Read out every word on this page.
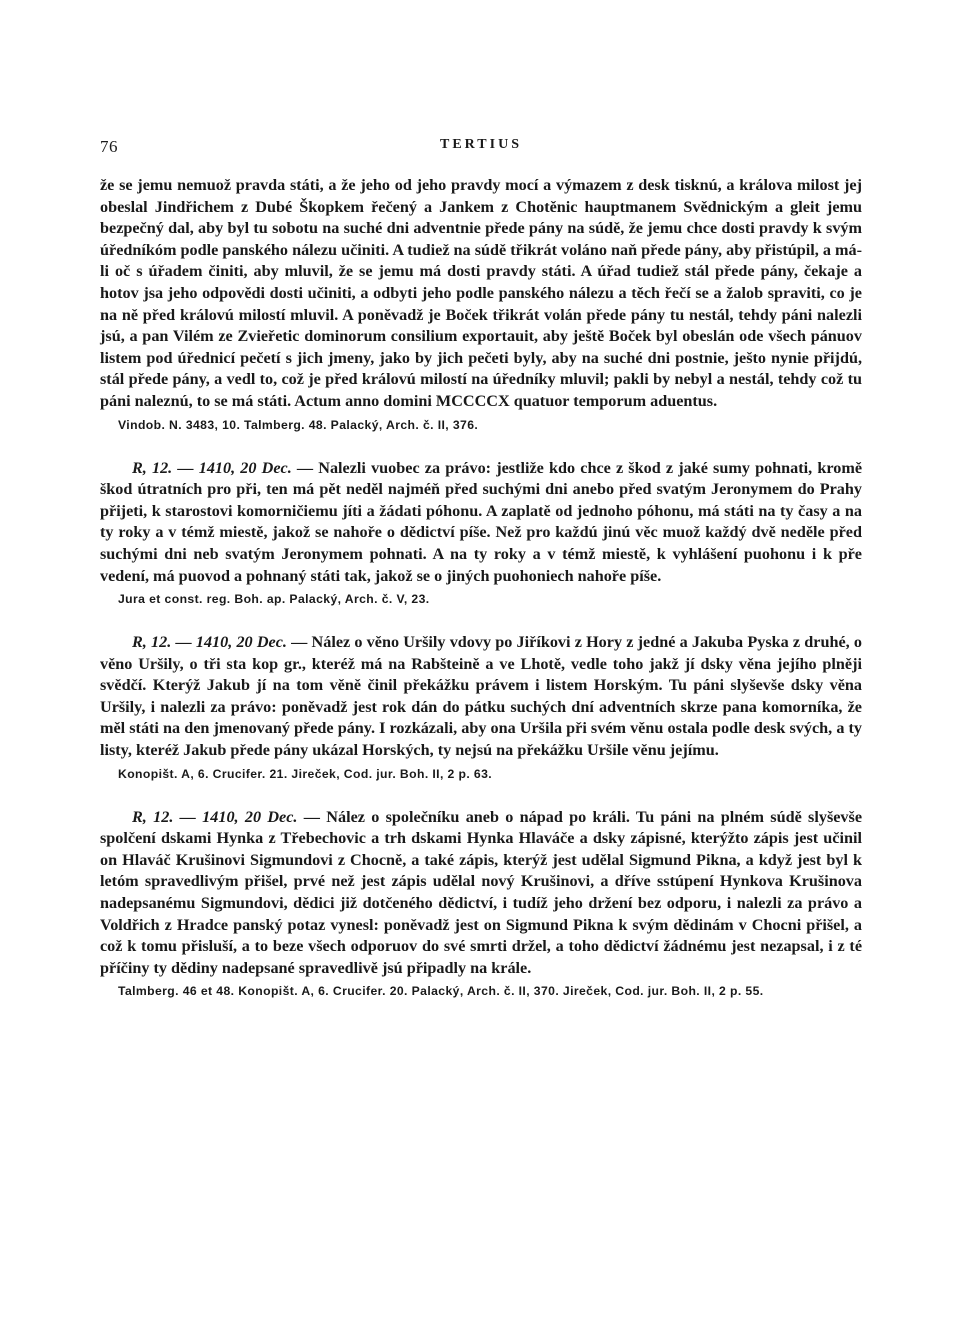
76	TERTIUS

že se jemu nemuož pravda státi, a že jeho od jeho pravdy mocí a výmazem z desk tisknú, a králova milost jej obeslal Jindřichem z Dubé Škopkem řečený a Jankem z Chotěnic hauptmanem Svědnickým a gleit jemu bezpečný dal, aby byl tu sobotu na suché dni adventnie přede pány na súdě, že jemu chce dosti pravdy k svým úředníkóm podle panského nálezu učiniti. A tudiež na súdě třikrát voláno naň přede pány, aby přistúpil, a má-li oč s úřadem činiti, aby mluvil, že se jemu má dosti pravdy státi. A úřad tudiež stál přede pány, čekaje a hotov jsa jeho odpovědi dosti učiniti, a odbyti jeho podle panského nálezu a těch řečí se a žalob spraviti, co je na ně před královú milostí mluvil. A poněvadž je Boček třikrát volán přede pány tu nestál, tehdy páni nalezli jsú, a pan Vilém ze Zvieřetic dominorum consilium exportauit, aby ještě Boček byl obeslán ode všech pánuov listem pod úřednicí pečetí s jich jmeny, jako by jich pečeti byly, aby na suché dni postnie, ješto nynie přijdú, stál přede pány, a vedl to, což je před královú milostí na úředníky mluvil; pakli by nebyl a nestál, tehdy což tu páni naleznú, to se má státi. Actum anno domini MCCCCX quatuor temporum aduentus.

Vindob. N. 3483, 10. Talmberg. 48. Palacký, Arch. č. II, 376.

R, 12. — 1410, 20 Dec. — Nalezli vuobec za právo: jestliže kdo chce z škod z jaké sumy pohnati, kromě škod útratních pro při, ten má pět neděl najméň před suchými dni anebo před svatým Jeronymem do Prahy přijeti, k starostovi komorničiemu jíti a žádati póhonu. A zaplatě od jednoho póhonu, má státi na ty časy a na ty roky a v témž miestě, jakož se nahoře o dědictví píše. Než pro každú jinú věc muož každý dvě neděle před suchými dni neb svatým Jeronymem pohnati. A na ty roky a v témž miestě, k vyhlášení puohonu i k pře vedení, má puovod a pohnaný státi tak, jakož se o jiných puohoniech nahoře píše.

Jura et const. reg. Boh. ap. Palacký, Arch. č. V, 23.

R, 12. — 1410, 20 Dec. — Nález o věno Uršily vdovy po Jiříkovi z Hory z jedné a Jakuba Pyska z druhé, o věno Uršily, o tři sta kop gr., kteréž má na Rabšteině a ve Lhotě, vedle toho jakž jí dsky věna jejího plněji svědčí. Kterýž Jakub jí na tom věně činil překážku právem i listem Horským. Tu páni slyševše dsky věna Uršily, i nalezli za právo: poněvadž jest rok dán do pátku suchých dní adventních skrze pana komorníka, že měl státi na den jmenovaný přede pány. I rozkázali, aby ona Uršila při svém věnu ostala podle desk svých, a ty listy, kteréž Jakub přede pány ukázal Horských, ty nejsú na překážku Uršile věnu jejímu.

Konopišt. A, 6. Crucifer. 21. Jireček, Cod. jur. Boh. II, 2 p. 63.

R, 12. — 1410, 20 Dec. — Nález o společníku aneb o nápad po králi. Tu páni na plném súdě slyševše spolčení dskami Hynka z Třebechovic a trh dskami Hynka Hlaváče a dsky zápisné, kterýžto zápis jest učinil on Hlaváč Krušinovi Sigmundovi z Chocně, a také zápis, kterýž jest udělal Sigmund Pikna, a když jest byl k letóm spravedlivým přišel, prvé než jest zápis udělal nový Krušinovi, a dříve sstúpení Hynkova Krušinova nadepsanému Sigmundovi, dědici již dotčeného dědictví, i tudíž jeho držení bez odporu, i nalezli za právo a Voldřich z Hradce panský potaz vynesl: poněvadž jest on Sigmund Pikna k svým dědinám v Chocni přišel, a což k tomu přisluší, a to beze všech odporuov do své smrti držel, a toho dědictví žádnému jest nezapsal, i z té příčiny ty dědiny nadepsané spravedlivě jsú připadly na krále.

Talmberg. 46 et 48. Konopišt. A, 6. Crucifer. 20. Palacký, Arch. č. II, 370. Jireček, Cod. jur. Boh. II, 2 p. 55.
